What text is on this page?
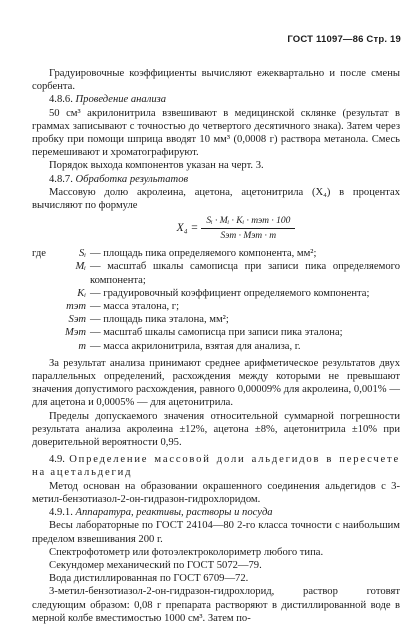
ГОСТ 11097—86 Стр. 19

Градуировочные коэффициенты вычисляют ежеквартально и после смены сорбента.

4.8.6. Проведение анализа

50 см³ акрилонитрила взвешивают в медицинской склянке (результат в граммах записывают с точностью до четвертого десятичного знака). Затем через пробку при помощи шприца вводят 10 мм³ (0,0008 г) раствора метанола. Смесь перемешивают и хроматографируют.

Порядок выхода компонентов указан на черт. 3.

4.8.7. Обработка результатов

Массовую долю акролеина, ацетона, ацетонитрила (X₄) в процентах вычисляют по формуле

$X_4 = \frac{\text{Sᵢ · Mᵢ · Kᵢ · mэт · 100}}{\text{Sэт · Mэт · m}}$
где	Sᵢ — площадь пика определяемого компонента, мм²;
Mᵢ — масштаб шкалы самописца при записи пика определяемого компонента;
Kᵢ — градуировочный коэффициент определяемого компонента;
mэт — масса эталона, г;
Sэт — площадь пика эталона, мм²;
Mэт — масштаб шкалы самописца при записи пика эталона;
m — масса акрилонитрила, взятая для анализа, г.

За результат анализа принимают среднее арифметическое результатов двух параллельных определений, расхождения между которыми не превышают значения допустимого расхождения, равного 0,00009% для акролеина, 0,001% — для ацетона и 0,0005% — для ацетонитрила.

Пределы допускаемого значения относительной суммарной погрешности результата анализа акролеина ±12%, ацетона ±8%, ацетонитрила ±10% при доверительной вероятности 0,95.

4.9. Определение массовой доли альдегидов в пересчете на ацетальдегид

Метод основан на образовании окрашенного соединения альдегидов с 3-метил-бензотиазол-2-он-гидразон-гидрохлоридом.

4.9.1. Аппаратура, реактивы, растворы и посуда

Весы лабораторные по ГОСТ 24104—80 2-го класса точности с наибольшим пределом взвешивания 200 г.

Спектрофотометр или фотоэлектроколориметр любого типа.

Секундомер механический по ГОСТ 5072—79.

Вода дистиллированная по ГОСТ 6709—72.

3-метил-бензотиазол-2-он-гидразон-гидрохлорид, раствор готовят следующим образом: 0,08 г препарата растворяют в дистиллированной воде в мерной колбе вместимостью 1000 см³. Затем по-
